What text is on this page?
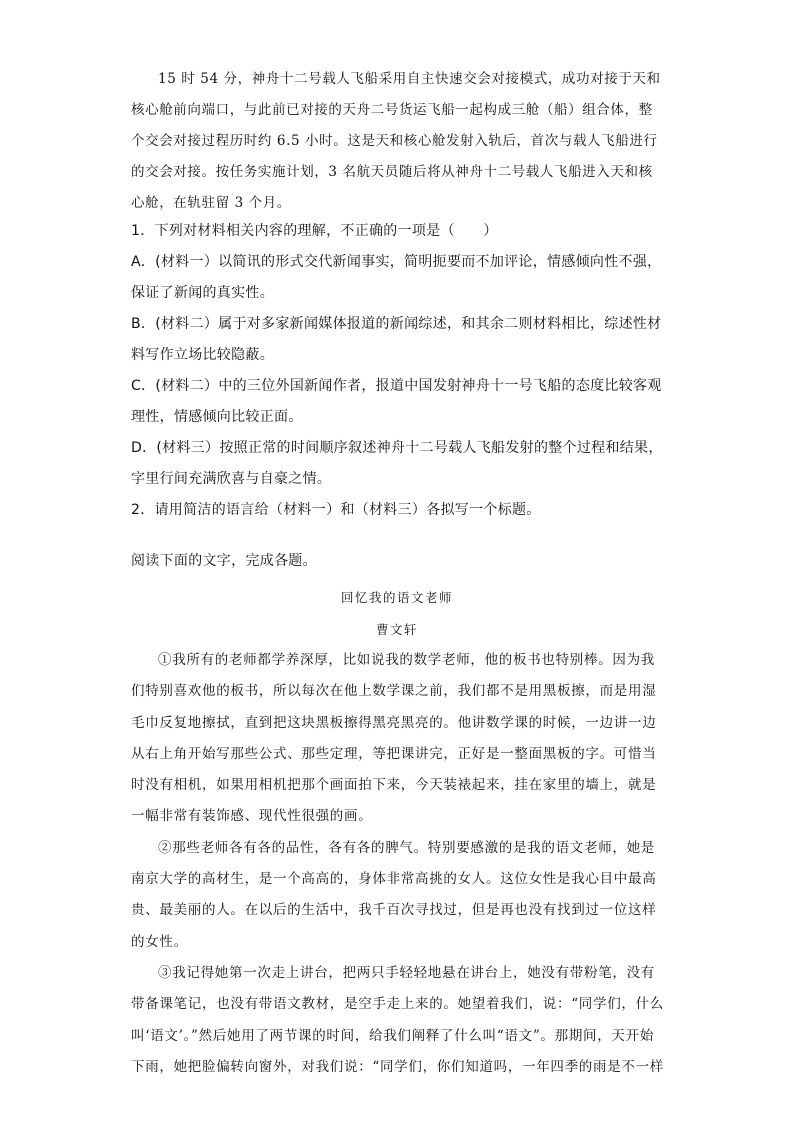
15 时 54 分，神舟十二号载人飞船采用自主快速交会对接模式，成功对接于天和核心舱前向端口，与此前已对接的天舟二号货运飞船一起构成三舱（船）组合体，整个交会对接过程历时约 6.5 小时。这是天和核心舱发射入轨后，首次与载人飞船进行的交会对接。按任务实施计划，3 名航天员随后将从神舟十二号载人飞船进入天和核心舱，在轨驻留 3 个月。

1．下列对材料相关内容的理解，不正确的一项是（　　）
A．(材料一）以简讯的形式交代新闻事实，简明扼要而不加评论，情感倾向性不强，保证了新闻的真实性。
B．(材料二）属于对多家新闻媒体报道的新闻综述，和其余二则材料相比，综述性材料写作立场比较隐蔽。
C．(材料二）中的三位外国新闻作者，报道中国发射神舟十一号飞船的态度比较客观理性，情感倾向比较正面。
D．(材料三）按照正常的时间顺序叙述神舟十二号载人飞船发射的整个过程和结果，字里行间充满欣喜与自豪之情。
2．请用简洁的语言给（材料一）和（材料三）各拟写一个标题。
阅读下面的文字，完成各题。
回忆我的语文老师
曹文轩

①我所有的老师都学养深厚，比如说我的数学老师，他的板书也特别棒。因为我们特别喜欢他的板书，所以每次在他上数学课之前，我们都不是用黑板擦，而是用湿毛巾反复地擦拭，直到把这块黑板擦得黑亮黑亮的。他讲数学课的时候，一边讲一边从右上角开始写那些公式、那些定理，等把课讲完，正好是一整面黑板的字。可惜当时没有相机，如果用相机把那个画面拍下来，今天装裱起来，挂在家里的墙上，就是一幅非常有装饰感、现代性很强的画。

②那些老师各有各的品性，各有各的脾气。特别要感激的是我的语文老师，她是南京大学的高材生，是一个高高的，身体非常高挑的女人。这位女性是我心目中最高贵、最美丽的人。在以后的生活中，我千百次寻找过，但是再也没有找到过一位这样的女性。

③我记得她第一次走上讲台，把两只手轻轻地悬在讲台上，她没有带粉笔，没有带备课笔记，也没有带语文教材，是空手走上来的。她望着我们，说：“同学们，什么叫‘语文’。”然后她用了两节课的时间，给我们阐释了什么叫“语文”。那期间，天开始下雨，她把脸偏转向窗外，对我们说：“同学们，你们知道吗，一年四季的雨是不一样
